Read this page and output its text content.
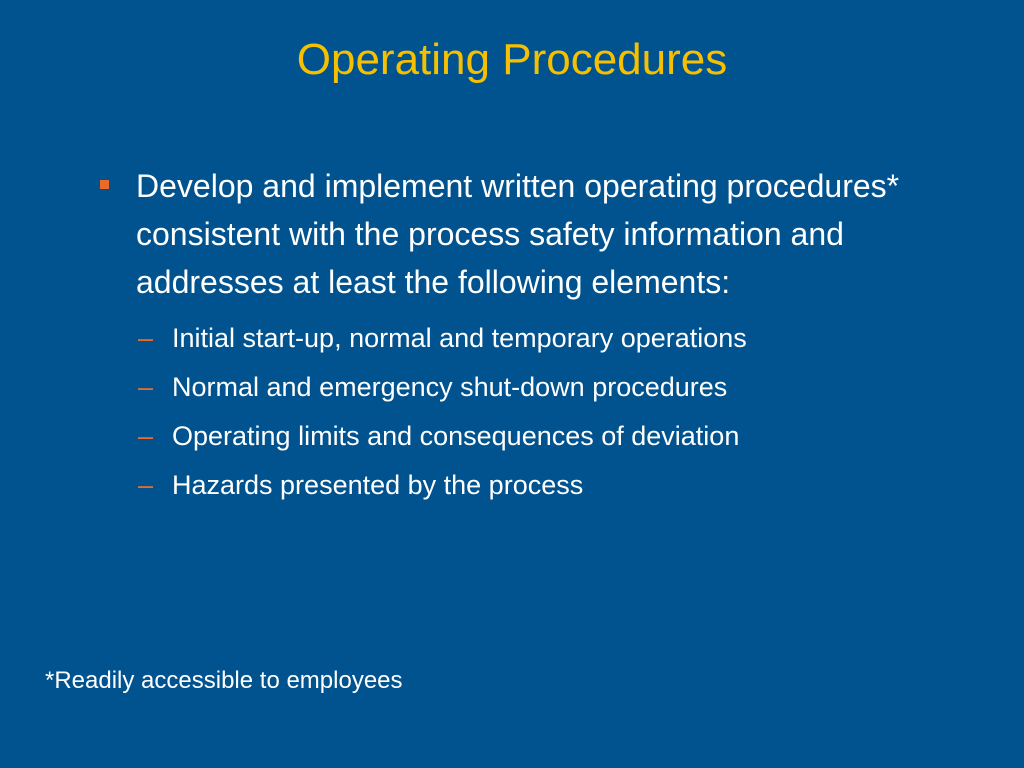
Operating Procedures
Develop and implement written operating procedures* consistent with the process safety information and addresses at least the following elements:
– Initial start-up, normal and temporary operations
– Normal and emergency shut-down procedures
– Operating limits and consequences of deviation
– Hazards presented by the process
*Readily accessible to employees
